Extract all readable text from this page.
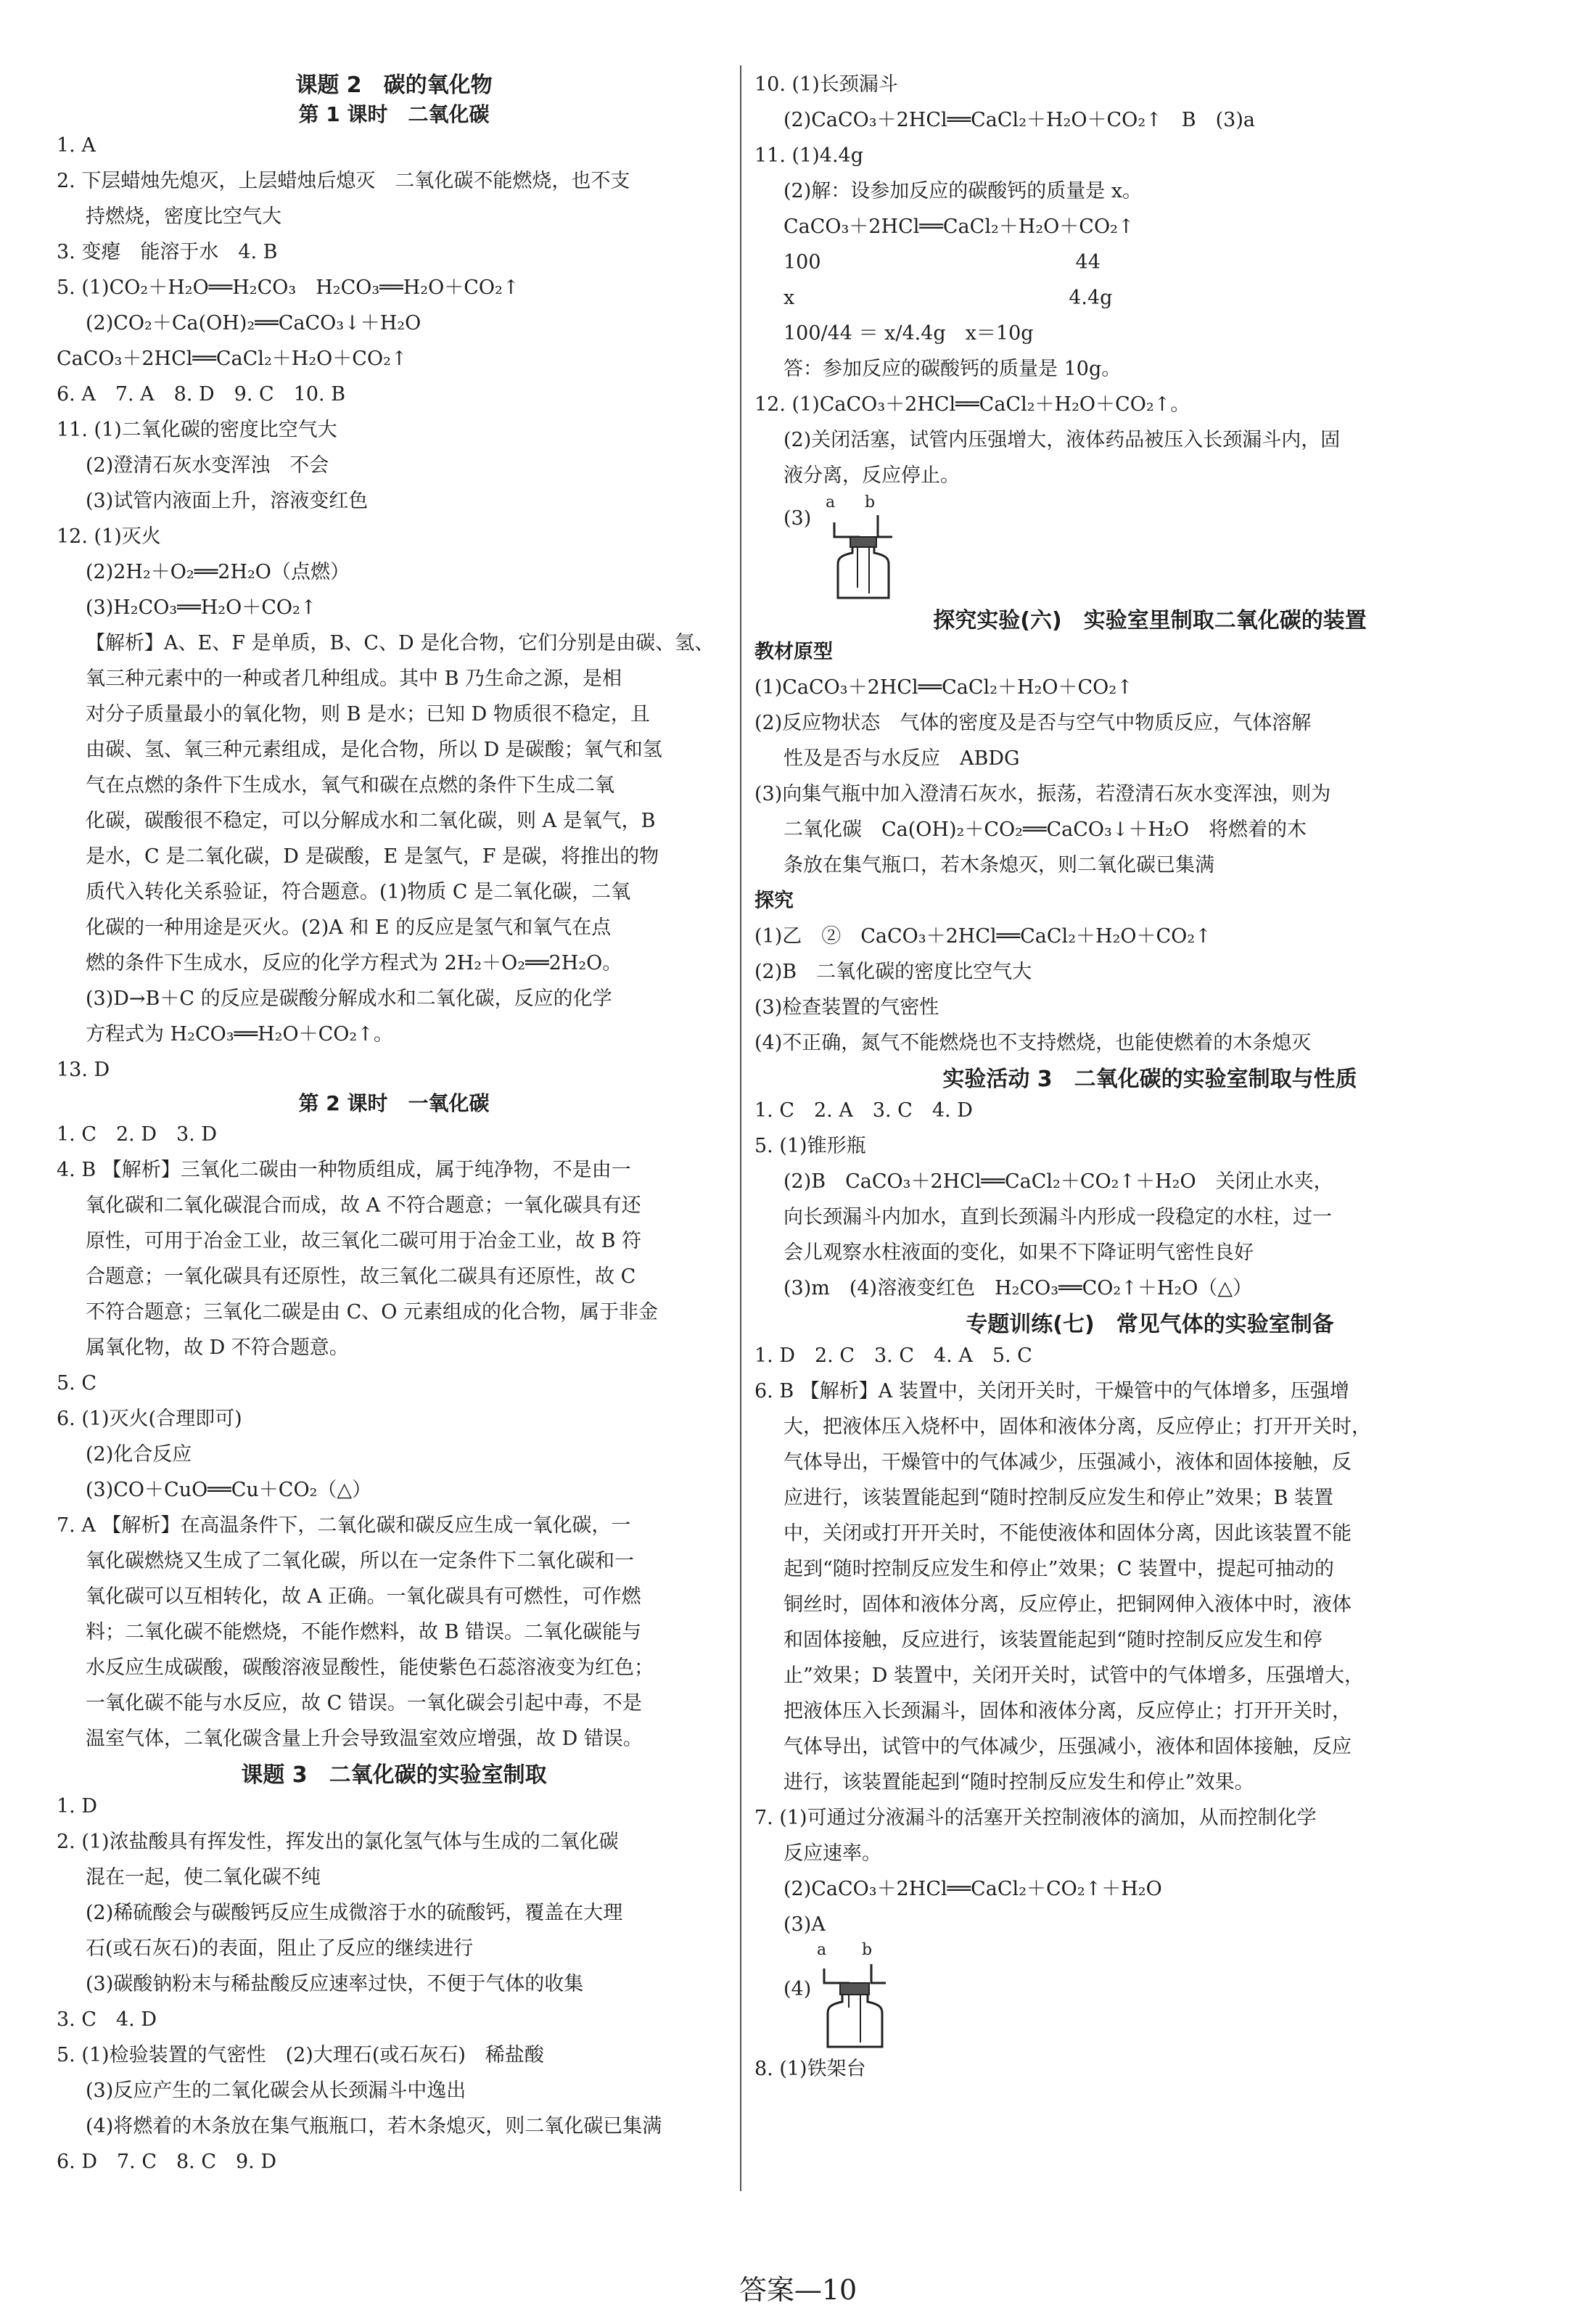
课题 2　碳的氧化物
第 1 课时　二氧化碳
1. A
2. 下层蜡烛先熄灭，上层蜡烛后熄灭　二氧化碳不能燃烧，也不支
持燃烧，密度比空气大
3. 变瘪　能溶于水　4. B
5. (1)CO₂＋H₂O══H₂CO₃　H₂CO₃══H₂O＋CO₂↑
(2)CO₂＋Ca(OH)₂══CaCO₃↓＋H₂O
CaCO₃＋2HCl══CaCl₂＋H₂O＋CO₂↑
6. A　7. A　8. D　9. C　10. B
11. (1)二氧化碳的密度比空气大
(2)澄清石灰水变浑浊　不会
(3)试管内液面上升，溶液变红色
12. (1)灭火
(2)2H₂＋O₂══2H₂O（点燃）
(3)H₂CO₃══H₂O＋CO₂↑
【解析】A、E、F 是单质，B、C、D 是化合物，它们分别是由碳、氢、
氧三种元素中的一种或者几种组成。其中 B 乃生命之源，是相
对分子质量最小的氧化物，则 B 是水；已知 D 物质很不稳定，且
由碳、氢、氧三种元素组成，是化合物，所以 D 是碳酸；氧气和氢
气在点燃的条件下生成水，氧气和碳在点燃的条件下生成二氧
化碳，碳酸很不稳定，可以分解成水和二氧化碳，则 A 是氧气，B
是水，C 是二氧化碳，D 是碳酸，E 是氢气，F 是碳，将推出的物
质代入转化关系验证，符合题意。(1)物质 C 是二氧化碳，二氧
化碳的一种用途是灭火。(2)A 和 E 的反应是氢气和氧气在点
燃的条件下生成水，反应的化学方程式为 2H₂＋O₂══2H₂O。
(3)D→B＋C 的反应是碳酸分解成水和二氧化碳，反应的化学
方程式为 H₂CO₃══H₂O＋CO₂↑。
13. D
第 2 课时　一氧化碳
1. C　2. D　3. D
4. B 【解析】三氧化二碳由一种物质组成，属于纯净物，不是由一
氧化碳和二氧化碳混合而成，故 A 不符合题意；一氧化碳具有还
原性，可用于冶金工业，故三氧化二碳可用于冶金工业，故 B 符
合题意；一氧化碳具有还原性，故三氧化二碳具有还原性，故 C
不符合题意；三氧化二碳是由 C、O 元素组成的化合物，属于非金
属氧化物，故 D 不符合题意。
5. C
6. (1)灭火(合理即可)
(2)化合反应
(3)CO＋CuO══Cu＋CO₂（△）
7. A 【解析】在高温条件下，二氧化碳和碳反应生成一氧化碳，一
氧化碳燃烧又生成了二氧化碳，所以在一定条件下二氧化碳和一
氧化碳可以互相转化，故 A 正确。一氧化碳具有可燃性，可作燃
料；二氧化碳不能燃烧，不能作燃料，故 B 错误。二氧化碳能与
水反应生成碳酸，碳酸溶液显酸性，能使紫色石蕊溶液变为红色；
一氧化碳不能与水反应，故 C 错误。一氧化碳会引起中毒，不是
温室气体，二氧化碳含量上升会导致温室效应增强，故 D 错误。
课题 3　二氧化碳的实验室制取
1. D
2. (1)浓盐酸具有挥发性，挥发出的氯化氢气体与生成的二氧化碳
混在一起，使二氧化碳不纯
(2)稀硫酸会与碳酸钙反应生成微溶于水的硫酸钙，覆盖在大理
石(或石灰石)的表面，阻止了反应的继续进行
(3)碳酸钠粉末与稀盐酸反应速率过快，不便于气体的收集
3. C　4. D
5. (1)检验装置的气密性　(2)大理石(或石灰石)　稀盐酸
(3)反应产生的二氧化碳会从长颈漏斗中逸出
(4)将燃着的木条放在集气瓶瓶口，若木条熄灭，则二氧化碳已集满
6. D　7. C　8. C　9. D
10. (1)长颈漏斗
(2)CaCO₃＋2HCl══CaCl₂＋H₂O＋CO₂↑　B　(3)a
11. (1)4.4g
(2)解：设参加反应的碳酸钙的质量是 x。
CaCO₃＋2HCl══CaCl₂＋H₂O＋CO₂↑
100　　　　　　　　　　　　　44
x　　　　　　　　　　　　　　4.4g
100/44 ＝ x/4.4g　x＝10g
答：参加反应的碳酸钙的质量是 10g。
12. (1)CaCO₃＋2HCl══CaCl₂＋H₂O＋CO₂↑。
(2)关闭活塞，试管内压强增大，液体药品被压入长颈漏斗内，固
液分离，反应停止。
(3)
a b
探究实验(六)　实验室里制取二氧化碳的装置
教材原型
(1)CaCO₃＋2HCl══CaCl₂＋H₂O＋CO₂↑
(2)反应物状态　气体的密度及是否与空气中物质反应，气体溶解
性及是否与水反应　ABDG
(3)向集气瓶中加入澄清石灰水，振荡，若澄清石灰水变浑浊，则为
二氧化碳　Ca(OH)₂＋CO₂══CaCO₃↓＋H₂O　将燃着的木
条放在集气瓶口，若木条熄灭，则二氧化碳已集满
探究
(1)乙　②　CaCO₃＋2HCl══CaCl₂＋H₂O＋CO₂↑
(2)B　二氧化碳的密度比空气大
(3)检查装置的气密性
(4)不正确，氮气不能燃烧也不支持燃烧，也能使燃着的木条熄灭
实验活动 3　二氧化碳的实验室制取与性质
1. C　2. A　3. C　4. D
5. (1)锥形瓶
(2)B　CaCO₃＋2HCl══CaCl₂＋CO₂↑＋H₂O　关闭止水夹，
向长颈漏斗内加水，直到长颈漏斗内形成一段稳定的水柱，过一
会儿观察水柱液面的变化，如果不下降证明气密性良好
(3)m　(4)溶液变红色　H₂CO₃══CO₂↑＋H₂O（△）
专题训练(七)　常见气体的实验室制备
1. D　2. C　3. C　4. A　5. C
6. B 【解析】A 装置中，关闭开关时，干燥管中的气体增多，压强增
大，把液体压入烧杯中，固体和液体分离，反应停止；打开开关时，
气体导出，干燥管中的气体减少，压强减小，液体和固体接触，反
应进行，该装置能起到“随时控制反应发生和停止”效果；B 装置
中，关闭或打开开关时，不能使液体和固体分离，因此该装置不能
起到“随时控制反应发生和停止”效果；C 装置中，提起可抽动的
铜丝时，固体和液体分离，反应停止，把铜网伸入液体中时，液体
和固体接触，反应进行，该装置能起到“随时控制反应发生和停
止”效果；D 装置中，关闭开关时，试管中的气体增多，压强增大，
把液体压入长颈漏斗，固体和液体分离，反应停止；打开开关时，
气体导出，试管中的气体减少，压强减小，液体和固体接触，反应
进行，该装置能起到“随时控制反应发生和停止”效果。
7. (1)可通过分液漏斗的活塞开关控制液体的滴加，从而控制化学
反应速率。
(2)CaCO₃＋2HCl══CaCl₂＋CO₂↑＋H₂O
(3)A
(4)
a b
8. (1)铁架台
答案—10
